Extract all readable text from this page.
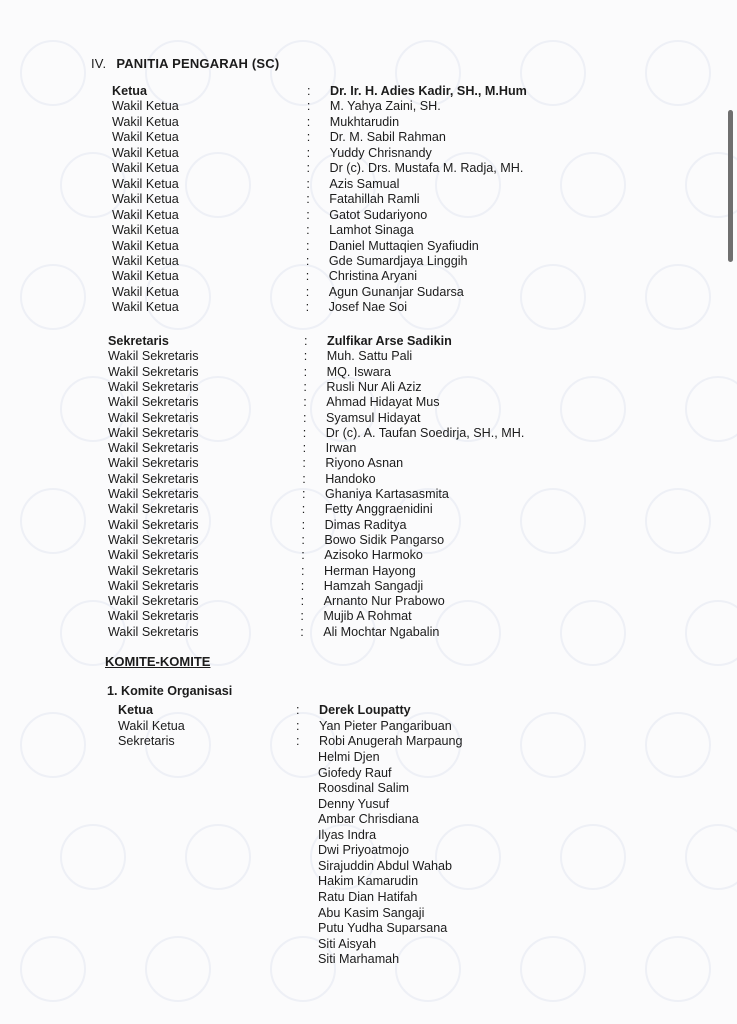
IV. PANITIA PENGARAH (SC)
Ketua	: Dr. Ir. H. Adies Kadir, SH., M.Hum
Wakil Ketua	: M. Yahya Zaini, SH.
Wakil Ketua	: Mukhtarudin
Wakil Ketua	: Dr. M. Sabil Rahman
Wakil Ketua	: Yuddy Chrisnandy
Wakil Ketua	: Dr (c). Drs. Mustafa M. Radja, MH.
Wakil Ketua	: Azis Samual
Wakil Ketua	: Fatahillah Ramli
Wakil Ketua	: Gatot Sudariyono
Wakil Ketua	: Lamhot Sinaga
Wakil Ketua	: Daniel Muttaqien Syafiudin
Wakil Ketua	: Gde Sumardjaya Linggih
Wakil Ketua	: Christina Aryani
Wakil Ketua	: Agun Gunanjar Sudarsa
Wakil Ketua	: Josef Nae Soi
Sekretaris	: Zulfikar Arse Sadikin
Wakil Sekretaris	: Muh. Sattu Pali
Wakil Sekretaris	: MQ. Iswara
Wakil Sekretaris	: Rusli Nur Ali Aziz
Wakil Sekretaris	: Ahmad Hidayat Mus
Wakil Sekretaris	: Syamsul Hidayat
Wakil Sekretaris	: Dr (c). A. Taufan Soedirja, SH., MH.
Wakil Sekretaris	: Irwan
Wakil Sekretaris	: Riyono Asnan
Wakil Sekretaris	: Handoko
Wakil Sekretaris	: Ghaniya Kartasasmita
Wakil Sekretaris	: Fetty Anggraenidini
Wakil Sekretaris	: Dimas Raditya
Wakil Sekretaris	: Bowo Sidik Pangarso
Wakil Sekretaris	: Azisoko Harmoko
Wakil Sekretaris	: Herman Hayong
Wakil Sekretaris	: Hamzah Sangadji
Wakil Sekretaris	: Arnanto Nur Prabowo
Wakil Sekretaris	: Mujib A Rohmat
Wakil Sekretaris	: Ali Mochtar Ngabalin
KOMITE-KOMITE
1. Komite Organisasi
Ketua	: Derek Loupatty
Wakil Ketua	: Yan Pieter Pangaribuan
Sekretaris	: Robi Anugerah Marpaung
Helmi Djen
Giofedy Rauf
Roosdinal Salim
Denny Yusuf
Ambar Chrisdiana
Ilyas Indra
Dwi Priyoatmojo
Sirajuddin Abdul Wahab
Hakim Kamarudin
Ratu Dian Hatifah
Abu Kasim Sangaji
Putu Yudha Suparsana
Siti Aisyah
Siti Marhamah
